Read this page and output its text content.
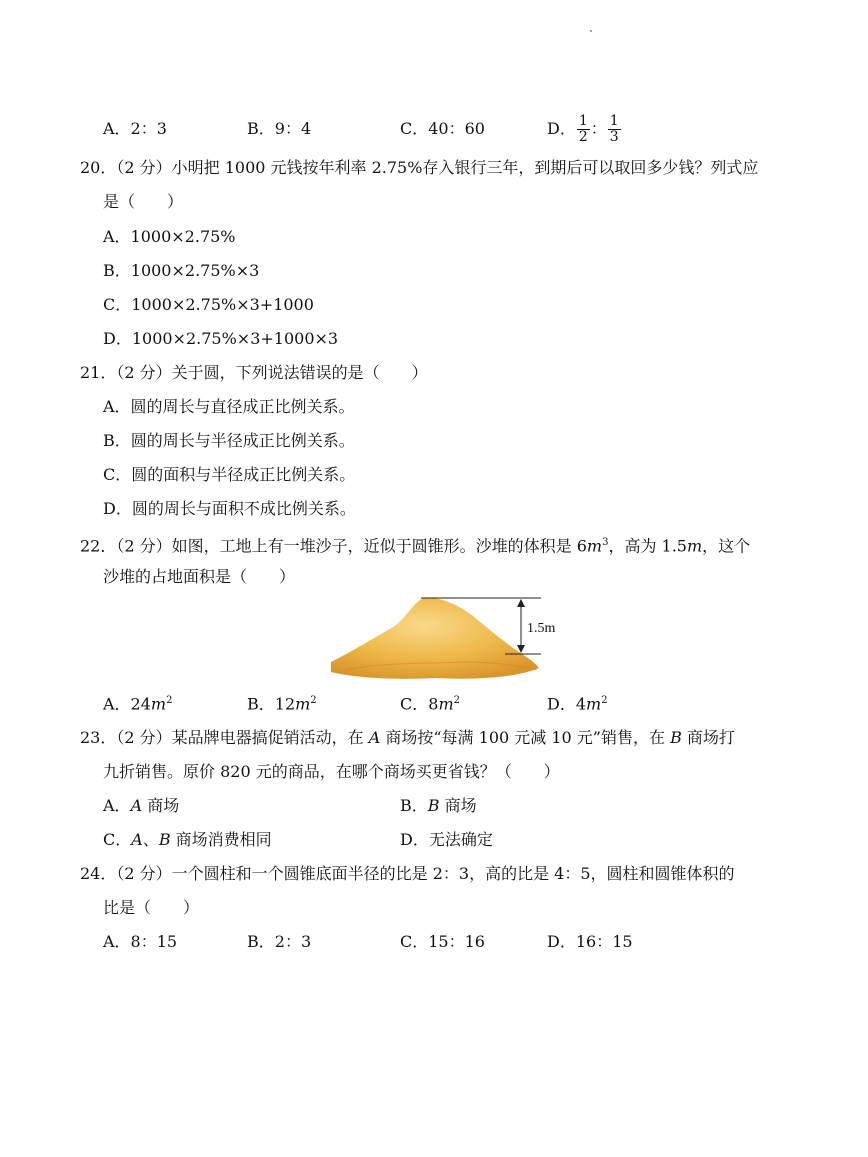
A．2：3	B．9：4	C．40：60	D． $\frac{1}{2}$ ： $\frac{1}{3}$
20．（2 分）小明把 1000 元钱按年利率 2.75%存入银行三年，到期后可以取回多少钱？列式应
是（　　）
A．1000×2.75%
B．1000×2.75%×3
C．1000×2.75%×3+1000
D．1000×2.75%×3+1000×3
21．（2 分）关于圆，下列说法错误的是（　　）
A．圆的周长与直径成正比例关系。
B．圆的周长与半径成正比例关系。
C．圆的面积与半径成正比例关系。
D．圆的周长与面积不成比例关系。
22．（2 分）如图，工地上有一堆沙子，近似于圆锥形。沙堆的体积是 $6m^3$，高为 1.5m，这个
沙堆的占地面积是（　　）
1.5m
A．$24m^2$	B．$12m^2$	C．$8m^2$	D．$4m^2$
23．（2 分）某品牌电器搞促销活动，在 A 商场按“每满 100 元减 10 元”销售，在 B 商场打
九折销售。原价 820 元的商品，在哪个商场买更省钱？（　　）
A．A 商场	B．B 商场
C．A、B 商场消费相同	D．无法确定
24．（2 分）一个圆柱和一个圆锥底面半径的比是 2：3，高的比是 4：5，圆柱和圆锥体积的
比是（　　）
A．8：15	B．2：3	C．15：16	D．16：15
